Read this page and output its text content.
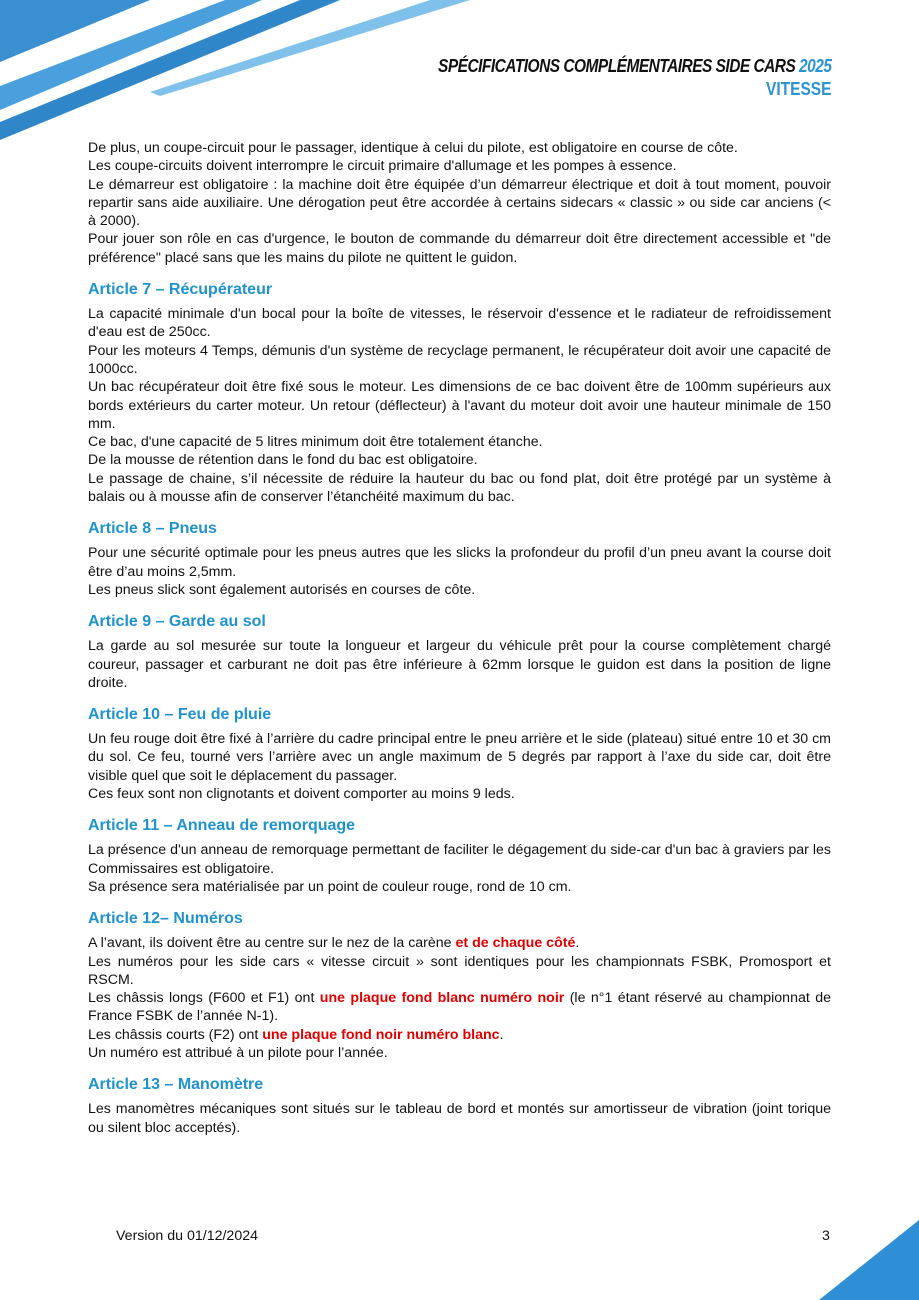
SPÉCIFICATIONS COMPLÉMENTAIRES SIDE CARS 2025
VITESSE

De plus, un coupe-circuit pour le passager, identique à celui du pilote, est obligatoire en course de côte.

Les coupe-circuits doivent interrompre le circuit primaire d'allumage et les pompes à essence.

Le démarreur est obligatoire : la machine doit être équipée d’un démarreur électrique et doit à tout moment, pouvoir repartir sans aide auxiliaire. Une dérogation peut être accordée à certains sidecars « classic » ou side car anciens (< à 2000).

Pour jouer son rôle en cas d'urgence, le bouton de commande du démarreur doit être directement accessible et "de préférence" placé sans que les mains du pilote ne quittent le guidon.

Article 7 – Récupérateur

La capacité minimale d'un bocal pour la boîte de vitesses, le réservoir d'essence et le radiateur de refroidissement d'eau est de 250cc.

Pour les moteurs 4 Temps, démunis d'un système de recyclage permanent, le récupérateur doit avoir une capacité de 1000cc.

Un bac récupérateur doit être fixé sous le moteur. Les dimensions de ce bac doivent être de 100mm supérieurs aux bords extérieurs du carter moteur. Un retour (déflecteur) à l'avant du moteur doit avoir une hauteur minimale de 150 mm.

Ce bac, d'une capacité de 5 litres minimum doit être totalement étanche.

De la mousse de rétention dans le fond du bac est obligatoire.

Le passage de chaine, s’il nécessite de réduire la hauteur du bac ou fond plat, doit être protégé par un système à balais ou à mousse afin de conserver l’étanchéité maximum du bac.

Article 8 – Pneus

Pour une sécurité optimale pour les pneus autres que les slicks la profondeur du profil d’un pneu avant la course doit être d’au moins 2,5mm.

Les pneus slick sont également autorisés en courses de côte.

Article 9 – Garde au sol

La garde au sol mesurée sur toute la longueur et largeur du véhicule prêt pour la course complètement chargé coureur, passager et carburant ne doit pas être inférieure à 62mm lorsque le guidon est dans la position de ligne droite.

Article 10 – Feu de pluie

Un feu rouge doit être fixé à l’arrière du cadre principal entre le pneu arrière et le side (plateau) situé entre 10 et 30 cm du sol. Ce feu, tourné vers l’arrière avec un angle maximum de 5 degrés par rapport à l’axe du side car, doit être visible quel que soit le déplacement du passager.

Ces feux sont non clignotants et doivent comporter au moins 9 leds.

Article 11 – Anneau de remorquage

La présence d'un anneau de remorquage permettant de faciliter le dégagement du side-car d'un bac à graviers par les Commissaires est obligatoire.

Sa présence sera matérialisée par un point de couleur rouge, rond de 10 cm.

Article 12– Numéros

A l’avant, ils doivent être au centre sur le nez de la carène et de chaque côté.

Les numéros pour les side cars « vitesse circuit » sont identiques pour les championnats FSBK, Promosport et RSCM.

Les châssis longs (F600 et F1) ont une plaque fond blanc numéro noir (le n°1 étant réservé au championnat de France FSBK de l’année N-1).

Les châssis courts (F2) ont une plaque fond noir numéro blanc.

Un numéro est attribué à un pilote pour l’année.

Article 13 – Manomètre

Les manomètres mécaniques sont situés sur le tableau de bord et montés sur amortisseur de vibration (joint torique ou silent bloc acceptés).

Version du 01/12/2024	3
